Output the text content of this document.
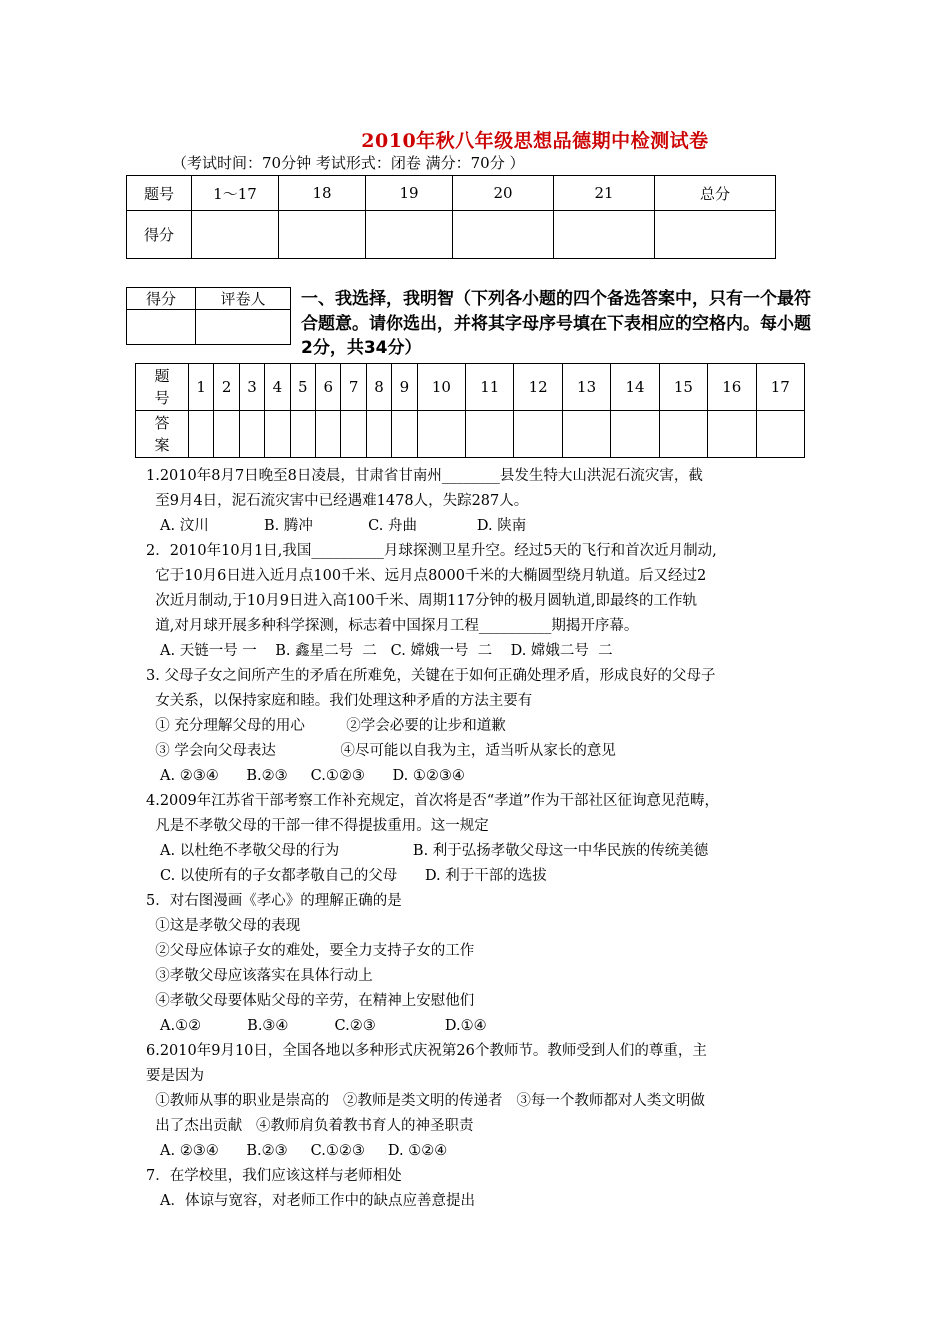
2010年秋八年级思想品德期中检测试卷
（考试时间：70分钟 考试形式：闭卷 满分：70分 ）
题号	1～17	18	19	20	21	总分
得分						
得分	评卷人
	一、我选择，我明智（下列各小题的四个备选答案中，只有一个最符合题意。请你选出，并将其字母序号填在下表相应的空格内。每小题2分，共34分）
题
号	1	2	3	4	5	6	7	8	9	10	11	12	13	14	15	16	17

答
案																	

1.2010年8月7日晚至8日凌晨，甘肃省甘南州________县发生特大山洪泥石流灾害，截
至9月4日，泥石流灾害中已经遇难1478人，失踪287人。
A. 汶川            B. 腾冲            C. 舟曲             D. 陕南
2．2010年10月1日,我国__________月球探测卫星升空。经过5天的飞行和首次近月制动,
它于10月6日进入近月点100千米、远月点8000千米的大椭圆型绕月轨道。后又经过2
次近月制动,于10月9日进入高100千米、周期117分钟的极月圆轨道,即最终的工作轨
道,对月球开展多种科学探测，标志着中国探月工程__________期揭开序幕。
A. 天链一号 一    B. 鑫星二号  二   C. 嫦娥一号  二    D. 嫦娥二号  二
3. 父母子女之间所产生的矛盾在所难免，关键在于如何正确处理矛盾，形成良好的父母子
女关系，以保持家庭和睦。我们处理这种矛盾的方法主要有
① 充分理解父母的用心         ②学会必要的让步和道歉
③ 学会向父母表达              ④尽可能以自我为主，适当听从家长的意见
A. ②③④      B.②③     C.①②③      D. ①②③④
4.2009年江苏省干部考察工作补充规定，首次将是否“孝道”作为干部社区征询意见范畴，
凡是不孝敬父母的干部一律不得提拔重用。这一规定
A. 以杜绝不孝敬父母的行为                B. 利于弘扬孝敬父母这一中华民族的传统美德
C. 以使所有的子女都孝敬自己的父母      D. 利于干部的选拔
5．对右图漫画《孝心》的理解正确的是
①这是孝敬父母的表现
②父母应体谅子女的难处，要全力支持子女的工作
③孝敬父母应该落实在具体行动上
④孝敬父母要体贴父母的辛劳，在精神上安慰他们
A.①②          B.③④          C.②③               D.①④
6.2010年9月10日，全国各地以多种形式庆祝第26个教师节。教师受到人们的尊重，主
要是因为
①教师从事的职业是崇高的   ②教师是类文明的传递者   ③每一个教师都对人类文明做
出了杰出贡献   ④教师肩负着教书育人的神圣职责
A. ②③④      B.②③     C.①②③     D. ①②④
7．在学校里，我们应该这样与老师相处
A．体谅与宽容，对老师工作中的缺点应善意提出
